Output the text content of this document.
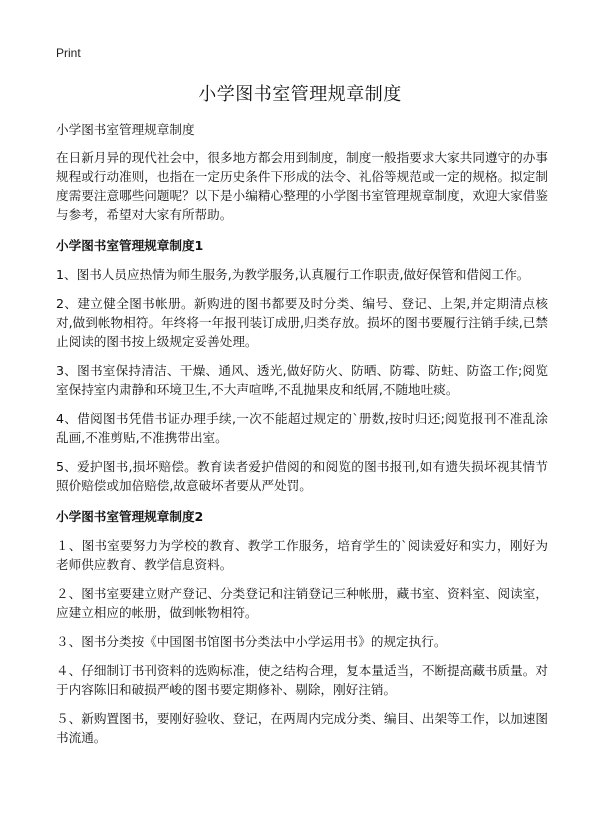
Print
小学图书室管理规章制度

小学图书室管理规章制度

在日新月异的现代社会中，很多地方都会用到制度，制度一般指要求大家共同遵守的办事规程或行动准则，也指在一定历史条件下形成的法令、礼俗等规范或一定的规格。拟定制度需要注意哪些问题呢？以下是小编精心整理的小学图书室管理规章制度，欢迎大家借鉴与参考，希望对大家有所帮助。

小学图书室管理规章制度1

1、图书人员应热情为师生服务,为教学服务,认真履行工作职责,做好保管和借阅工作。

2、建立健全图书帐册。新购进的图书都要及时分类、编号、登记、上架,并定期清点核对,做到帐物相符。年终将一年报刊装订成册,归类存放。损坏的图书要履行注销手续,已禁止阅读的图书按上级规定妥善处理。

3、图书室保持清洁、干燥、通风、透光,做好防火、防晒、防霉、防蛀、防盗工作;阅览室保持室内肃静和环境卫生,不大声喧哗,不乱抛果皮和纸屑,不随地吐痰。

4、借阅图书凭借书证办理手续,一次不能超过规定的`册数,按时归还;阅览报刊不准乱涂乱画,不准剪贴,不准携带出室。

5、爱护图书,损坏赔偿。教育读者爱护借阅的和阅览的图书报刊,如有遗失损坏视其情节照价赔偿或加倍赔偿,故意破坏者要从严处罚。

小学图书室管理规章制度2

１、图书室要努力为学校的教育、教学工作服务，培育学生的`阅读爱好和实力，刚好为老师供应教育、教学信息资料。

２、图书室要建立财产登记、分类登记和注销登记三种帐册，藏书室、资料室、阅读室，应建立相应的帐册，做到帐物相符。

３、图书分类按《中国图书馆图书分类法中小学运用书》的规定执行。

４、仔细制订书刊资料的选购标准，使之结构合理，复本量适当，不断提高藏书质量。对于内容陈旧和破损严峻的图书要定期修补、剔除，刚好注销。

５、新购置图书，要刚好验收、登记，在两周内完成分类、编目、出架等工作，以加速图书流通。
